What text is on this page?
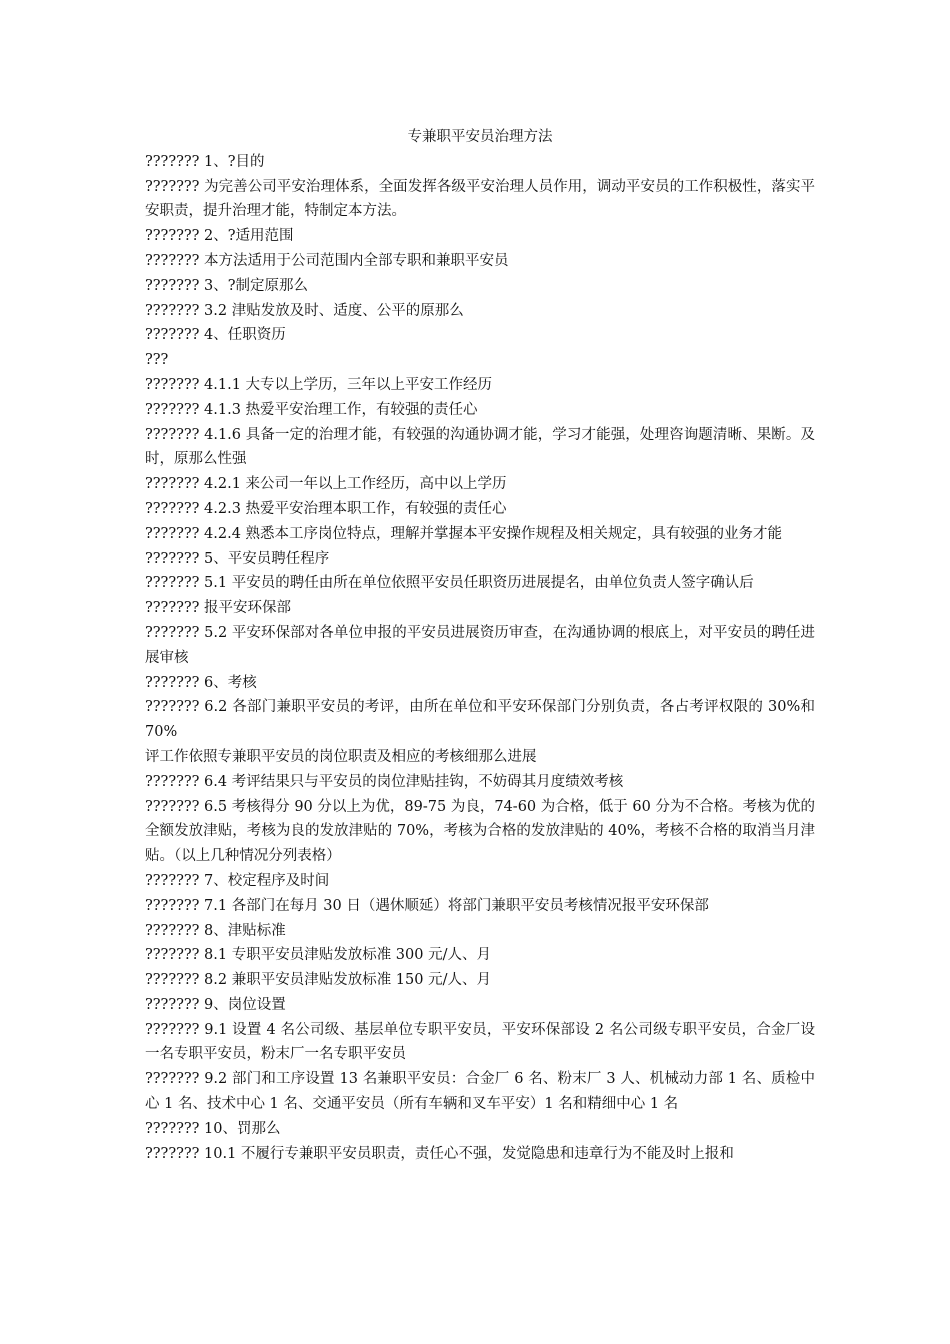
专兼职平安员治理方法

??????? 1、?目的

??????? 为完善公司平安治理体系，全面发挥各级平安治理人员作用，调动平安员的工作积极性，落实平安职责，提升治理才能，特制定本方法。

??????? 2、?适用范围

??????? 本方法适用于公司范围内全部专职和兼职平安员

??????? 3、?制定原那么

??????? 3.2 津贴发放及时、适度、公平的原那么

??????? 4、任职资历

???

??????? 4.1.1 大专以上学历，三年以上平安工作经历

??????? 4.1.3 热爱平安治理工作，有较强的责任心

??????? 4.1.6 具备一定的治理才能，有较强的沟通协调才能，学习才能强，处理咨询题清晰、果断。及时，原那么性强

??????? 4.2.1 来公司一年以上工作经历，高中以上学历

??????? 4.2.3 热爱平安治理本职工作，有较强的责任心

??????? 4.2.4 熟悉本工序岗位特点，理解并掌握本平安操作规程及相关规定，具有较强的业务才能

??????? 5、平安员聘任程序

??????? 5.1 平安员的聘任由所在单位依照平安员任职资历进展提名，由单位负责人签字确认后

??????? 报平安环保部

??????? 5.2 平安环保部对各单位申报的平安员进展资历审查，在沟通协调的根底上，对平安员的聘任进展审核

??????? 6、考核

??????? 6.2 各部门兼职平安员的考评，由所在单位和平安环保部门分别负责，各占考评权限的 30%和 70%

评工作依照专兼职平安员的岗位职责及相应的考核细那么进展

??????? 6.4 考评结果只与平安员的岗位津贴挂钩，不妨碍其月度绩效考核

??????? 6.5 考核得分 90 分以上为优，89-75 为良，74-60 为合格，低于 60 分为不合格。考核为优的全额发放津贴，考核为良的发放津贴的 70%，考核为合格的发放津贴的 40%，考核不合格的取消当月津贴。（以上几种情况分列表格）

??????? 7、校定程序及时间

??????? 7.1 各部门在每月 30 日（遇休顺延）将部门兼职平安员考核情况报平安环保部

??????? 8、津贴标准

??????? 8.1 专职平安员津贴发放标准 300 元/人、月

??????? 8.2 兼职平安员津贴发放标准 150 元/人、月

??????? 9、岗位设置

??????? 9.1 设置 4 名公司级、基层单位专职平安员，平安环保部设 2 名公司级专职平安员，合金厂设一名专职平安员，粉末厂一名专职平安员

??????? 9.2 部门和工序设置 13 名兼职平安员：合金厂 6 名、粉末厂 3 人、机械动力部 1 名、质检中心 1 名、技术中心 1 名、交通平安员（所有车辆和叉车平安）1 名和精细中心 1 名

??????? 10、罚那么

??????? 10.1 不履行专兼职平安员职责，责任心不强，发觉隐患和违章行为不能及时上报和
